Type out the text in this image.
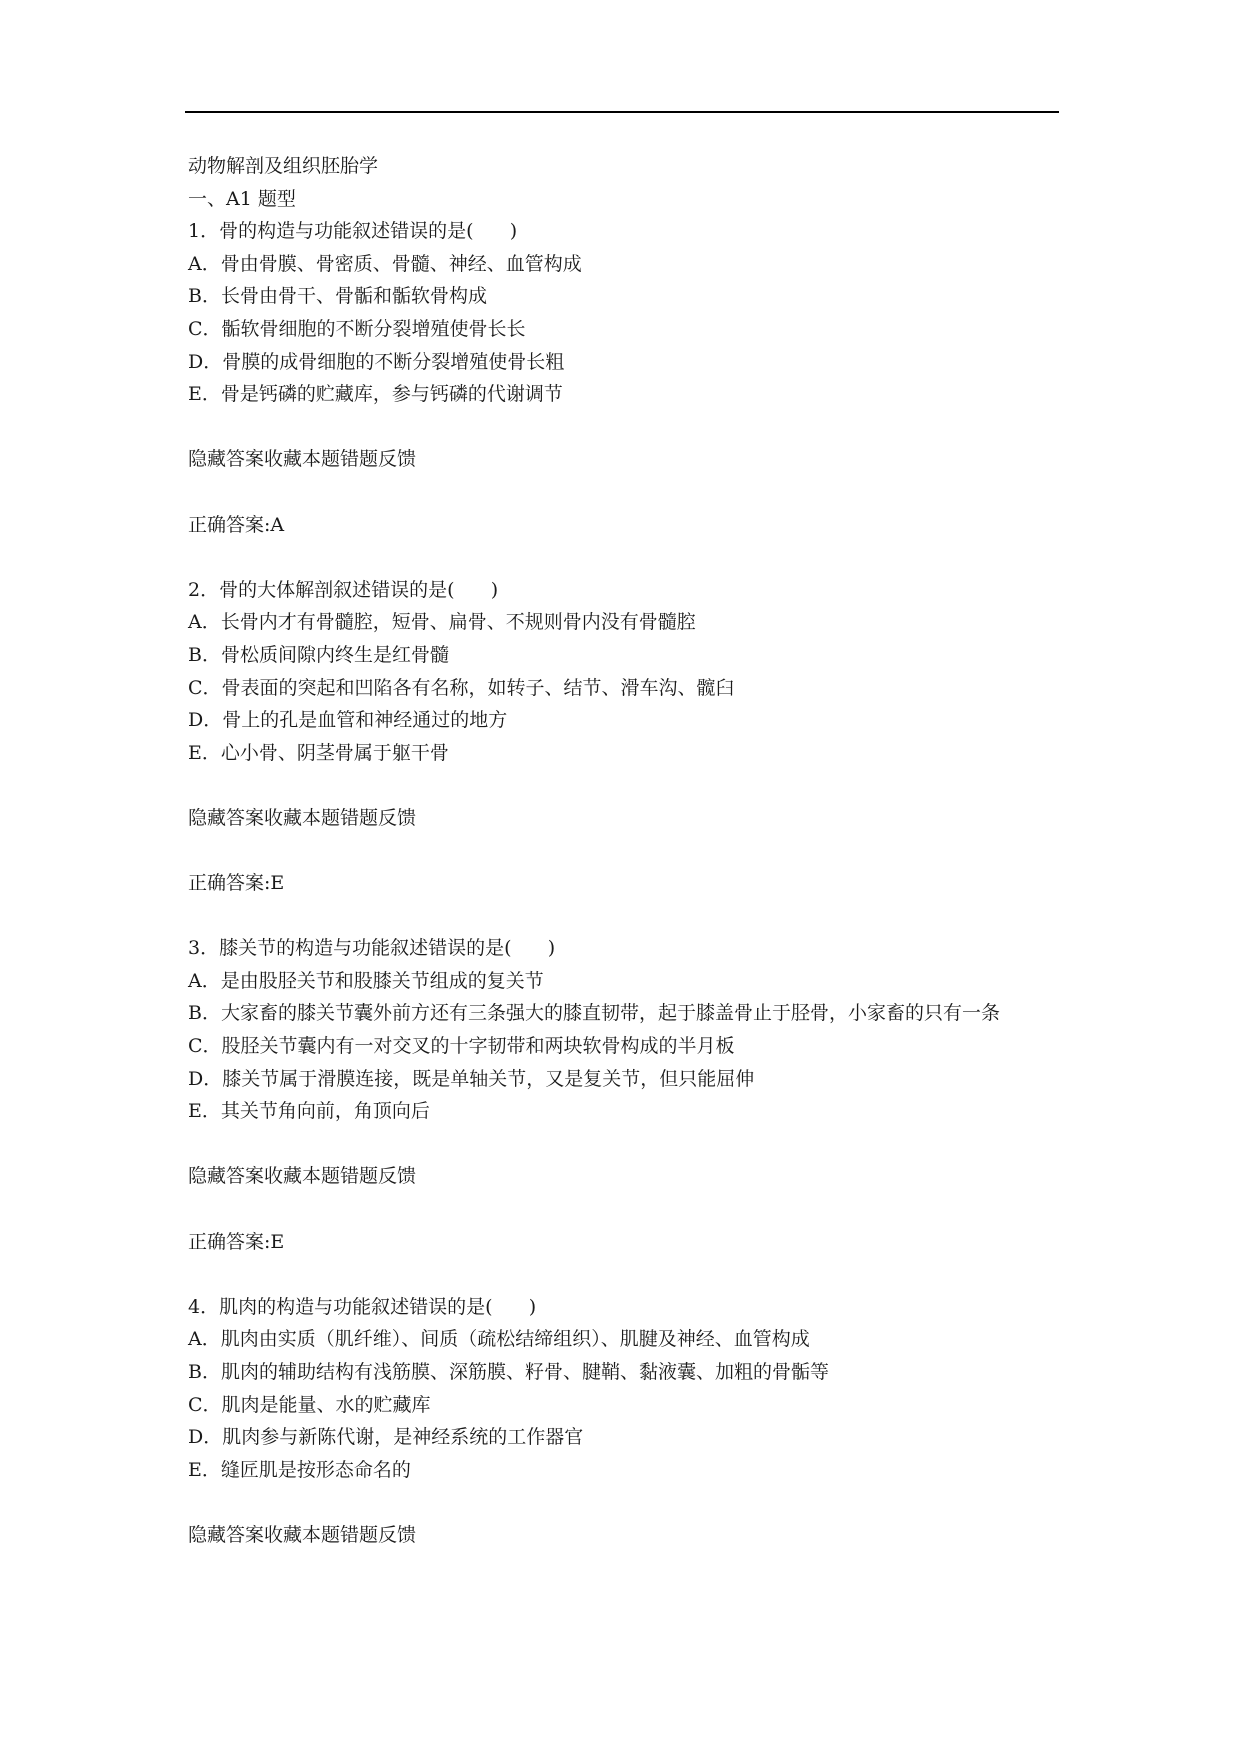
动物解剖及组织胚胎学
一、A1 题型
1．骨的构造与功能叙述错误的是(      )
A．骨由骨膜、骨密质、骨髓、神经、血管构成
B．长骨由骨干、骨骺和骺软骨构成
C．骺软骨细胞的不断分裂增殖使骨长长
D．骨膜的成骨细胞的不断分裂增殖使骨长粗
E．骨是钙磷的贮藏库，参与钙磷的代谢调节
隐藏答案收藏本题错题反馈
正确答案:A
2．骨的大体解剖叙述错误的是(      )
A．长骨内才有骨髓腔，短骨、扁骨、不规则骨内没有骨髓腔
B．骨松质间隙内终生是红骨髓
C．骨表面的突起和凹陷各有名称，如转子、结节、滑车沟、髋臼
D．骨上的孔是血管和神经通过的地方
E．心小骨、阴茎骨属于躯干骨
隐藏答案收藏本题错题反馈
正确答案:E
3．膝关节的构造与功能叙述错误的是(      )
A．是由股胫关节和股膝关节组成的复关节
B．大家畜的膝关节囊外前方还有三条强大的膝直韧带，起于膝盖骨止于胫骨，小家畜的只有一条
C．股胫关节囊内有一对交叉的十字韧带和两块软骨构成的半月板
D．膝关节属于滑膜连接，既是单轴关节，又是复关节，但只能屈伸
E．其关节角向前，角顶向后
隐藏答案收藏本题错题反馈
正确答案:E
4．肌肉的构造与功能叙述错误的是(      )
A．肌肉由实质（肌纤维）、间质（疏松结缔组织）、肌腱及神经、血管构成
B．肌肉的辅助结构有浅筋膜、深筋膜、籽骨、腱鞘、黏液囊、加粗的骨骺等
C．肌肉是能量、水的贮藏库
D．肌肉参与新陈代谢，是神经系统的工作器官
E．缝匠肌是按形态命名的
隐藏答案收藏本题错题反馈
